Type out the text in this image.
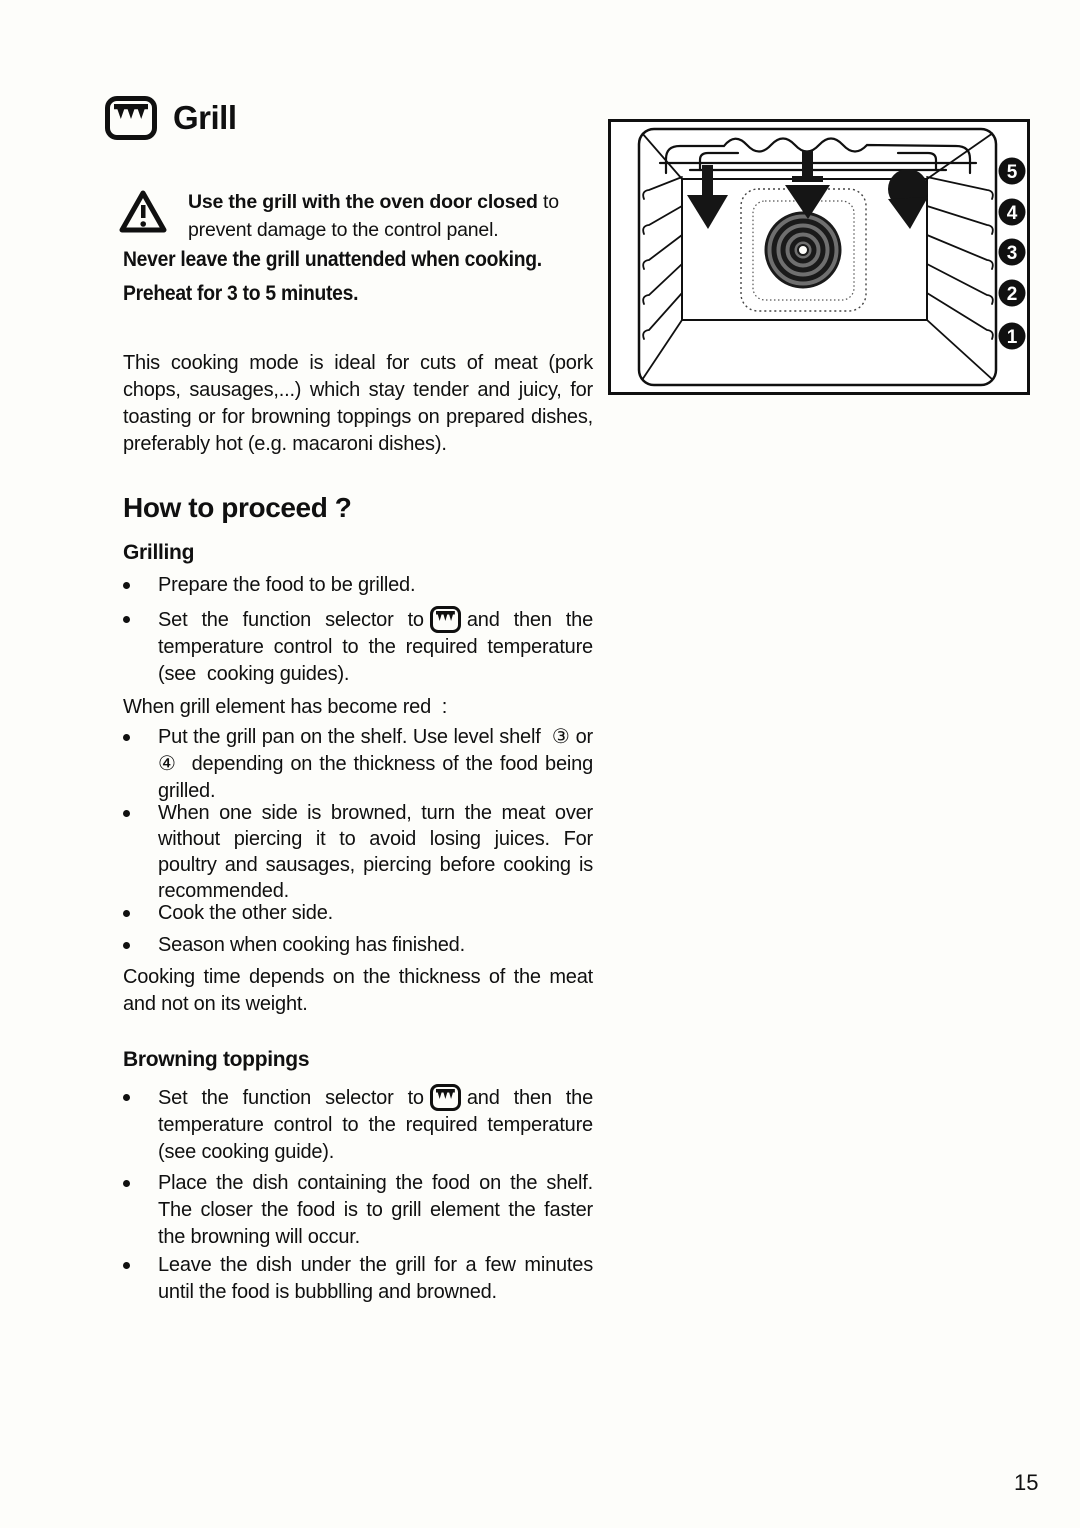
Grill

Use the grill with the oven door closed to prevent damage to the control panel.

Never leave the grill unattended when cooking.
Preheat for 3 to 5 minutes.
This cooking mode is ideal for cuts of meat (pork chops, sausages,...) which stay tender and juicy, for toasting or for browning toppings on prepared dishes, preferably hot (e.g. macaroni dishes).
How to proceed ?
Grilling
Prepare the food to be grilled.
Set the function selector to and then the temperature control to the required temperature (see  cooking guides).
When grill element has become red  :
Put the grill pan on the shelf. Use level shelf  ③ or ④  depending on the thickness of the food being grilled.
When one side is browned, turn the meat over without piercing it to avoid losing juices. For poultry and sausages, piercing before cooking is recommended.
Cook the other side.
Season when cooking has finished.
Cooking time depends on the thickness of the meat and not on its weight.
Browning toppings
Set the function selector to and then the temperature control to the required temperature (see cooking guide).
Place the dish containing the food on the shelf. The closer the food is to grill element the faster the browning will occur.
Leave the dish under the grill for a few minutes until the food is bubblling and browned.
5
4
3
2
1
15
